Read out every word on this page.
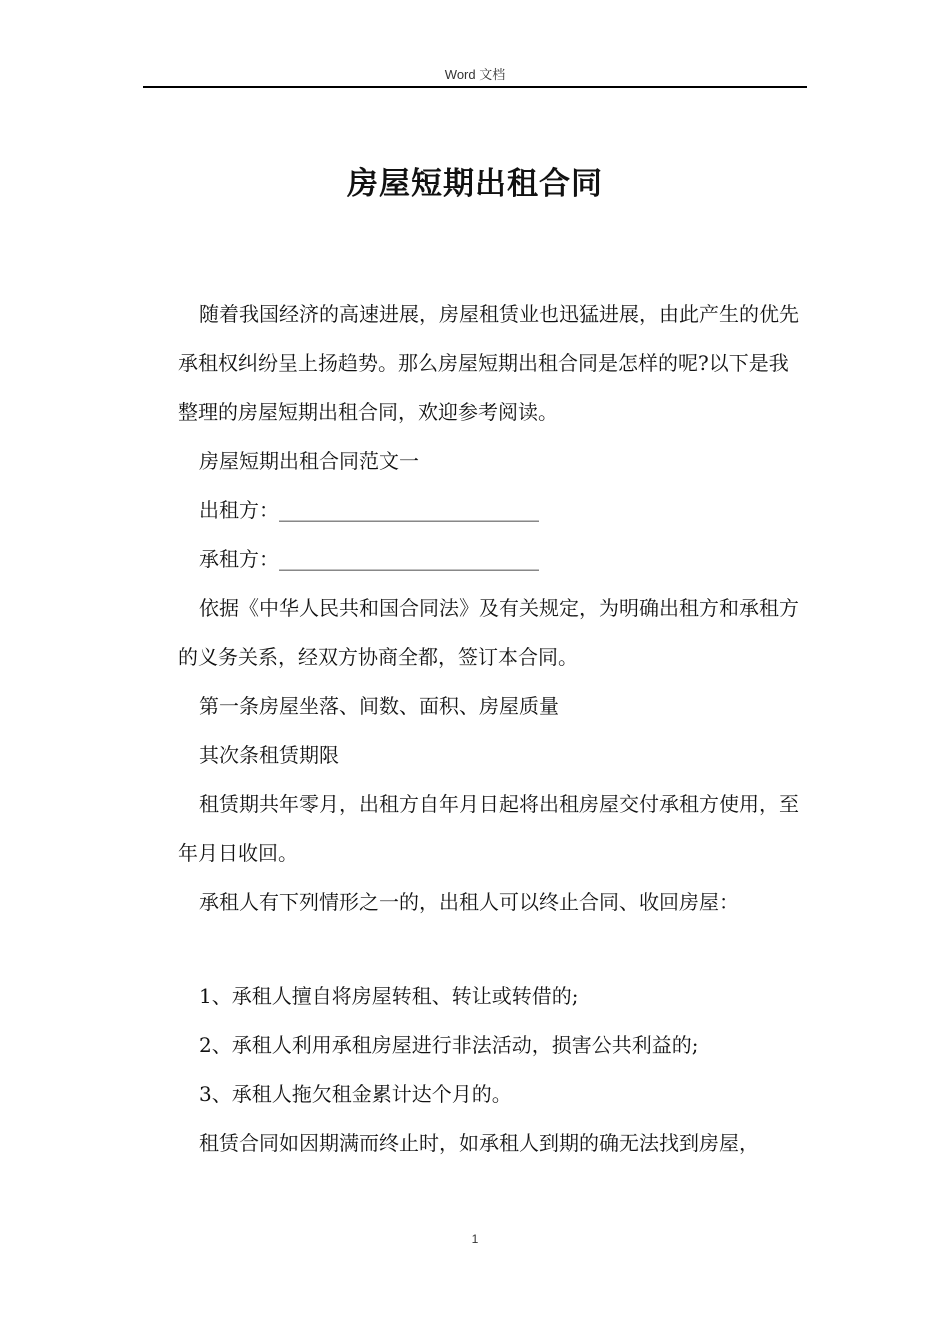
Word 文档
房屋短期出租合同

随着我国经济的高速进展，房屋租赁业也迅猛进展，由此产生的优先承租权纠纷呈上扬趋势。那么房屋短期出租合同是怎样的呢?以下是我整理的房屋短期出租合同，欢迎参考阅读。

房屋短期出租合同范文一

出租方：__________________________

承租方：__________________________

依据《中华人民共和国合同法》及有关规定，为明确出租方和承租方的义务关系，经双方协商全都，签订本合同。

第一条房屋坐落、间数、面积、房屋质量

其次条租赁期限

租赁期共年零月，出租方自年月日起将出租房屋交付承租方使用，至年月日收回。

承租人有下列情形之一的，出租人可以终止合同、收回房屋：

1、承租人擅自将房屋转租、转让或转借的;

2、承租人利用承租房屋进行非法活动，损害公共利益的;

3、承租人拖欠租金累计达个月的。

租赁合同如因期满而终止时，如承租人到期的确无法找到房屋，

1
